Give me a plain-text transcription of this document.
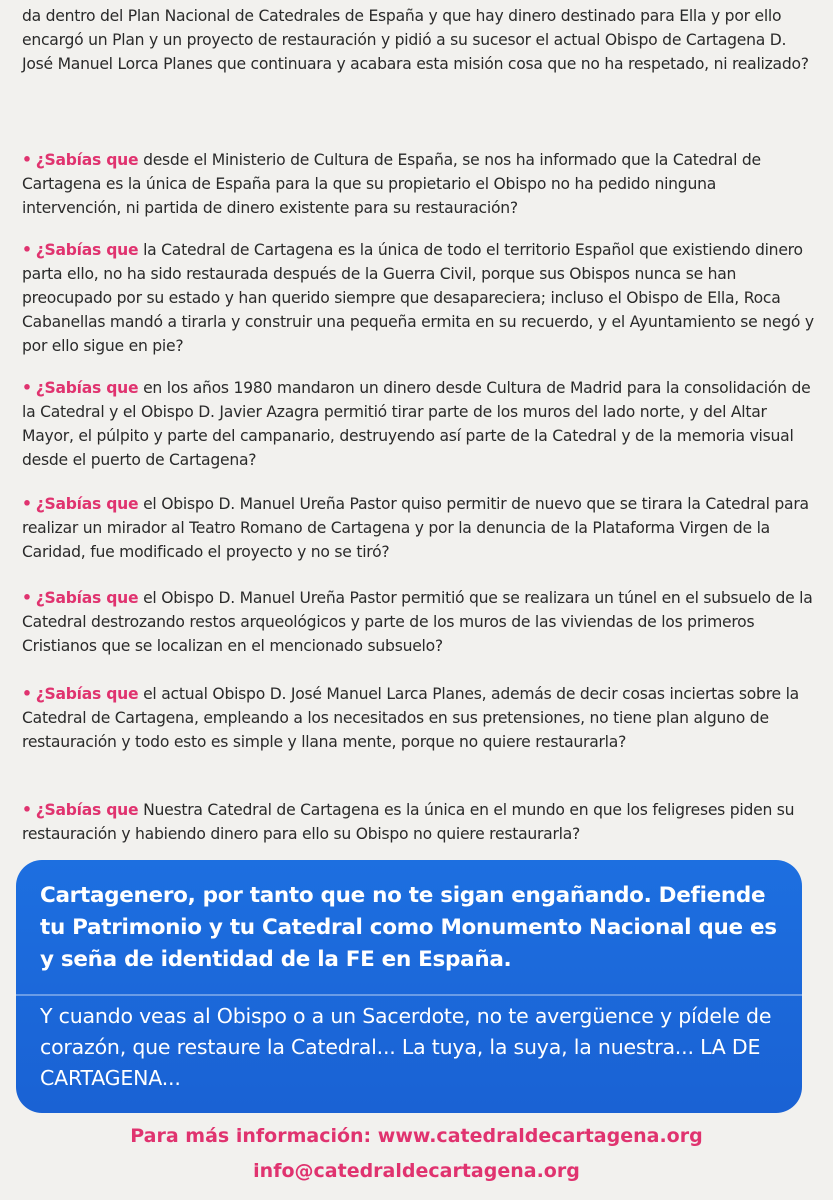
da dentro del Plan Nacional de Catedrales de España y que hay dinero destinado para Ella y por ello encargó un Plan y un proyecto de restauración y pidió a su sucesor el actual Obispo de Cartagena D. José Manuel Lorca Planes que continuara y acabara esta misión cosa que no ha respetado, ni realizado?

• ¿Sabías que desde el Ministerio de Cultura de España, se nos ha informado que la Catedral de Cartagena es la única de España para la que su propietario el Obispo no ha pedido ninguna intervención, ni partida de dinero existente para su restauración?

• ¿Sabías que la Catedral de Cartagena es la única de todo el territorio Español que existiendo dinero parta ello, no ha sido restaurada después de la Guerra Civil, porque sus Obispos nunca se han preocupado por su estado y han querido siempre que desapareciera; incluso el Obispo de Ella, Roca Cabanellas mandó a tirarla y construir una pequeña ermita en su recuerdo, y el Ayuntamiento se negó y por ello sigue en pie?

• ¿Sabías que en los años 1980 mandaron un dinero desde Cultura de Madrid para la consolidación de la Catedral y el Obispo D. Javier Azagra permitió tirar parte de los muros del lado norte, y del Altar Mayor, el púlpito y parte del campanario, destruyendo así parte de la Catedral y de la memoria visual desde el puerto de Cartagena?

• ¿Sabías que el Obispo D. Manuel Ureña Pastor quiso permitir de nuevo que se tirara la Catedral para realizar un mirador al Teatro Romano de Cartagena y por la denuncia de la Plataforma Virgen de la Caridad, fue modificado el proyecto y no se tiró?

• ¿Sabías que el Obispo D. Manuel Ureña Pastor permitió que se realizara un túnel en el subsuelo de la Catedral destrozando restos arqueológicos y parte de los muros de las viviendas de los primeros Cristianos que se localizan en el mencionado subsuelo?

• ¿Sabías que el actual Obispo D. José Manuel Larca Planes, además de decir cosas inciertas sobre la Catedral de Cartagena, empleando a los necesitados en sus pretensiones, no tiene plan alguno de restauración y todo esto es simple y llana mente, porque no quiere restaurarla?

• ¿Sabías que Nuestra Catedral de Cartagena es la única en el mundo en que los feligreses piden su restauración y habiendo dinero para ello su Obispo no quiere restaurarla?

Cartagenero, por tanto que no te sigan engañando. Defiende tu Patrimonio y tu Catedral como Monumento Nacional que es y seña de identidad de la FE en España.
Y cuando veas al Obispo o a un Sacerdote, no te avergüence y pídele de corazón, que restaure la Catedral... La tuya, la suya, la nuestra... LA DE CARTAGENA...
Para más información: www.catedraldecartagena.org
info@catedraldecartagena.org
